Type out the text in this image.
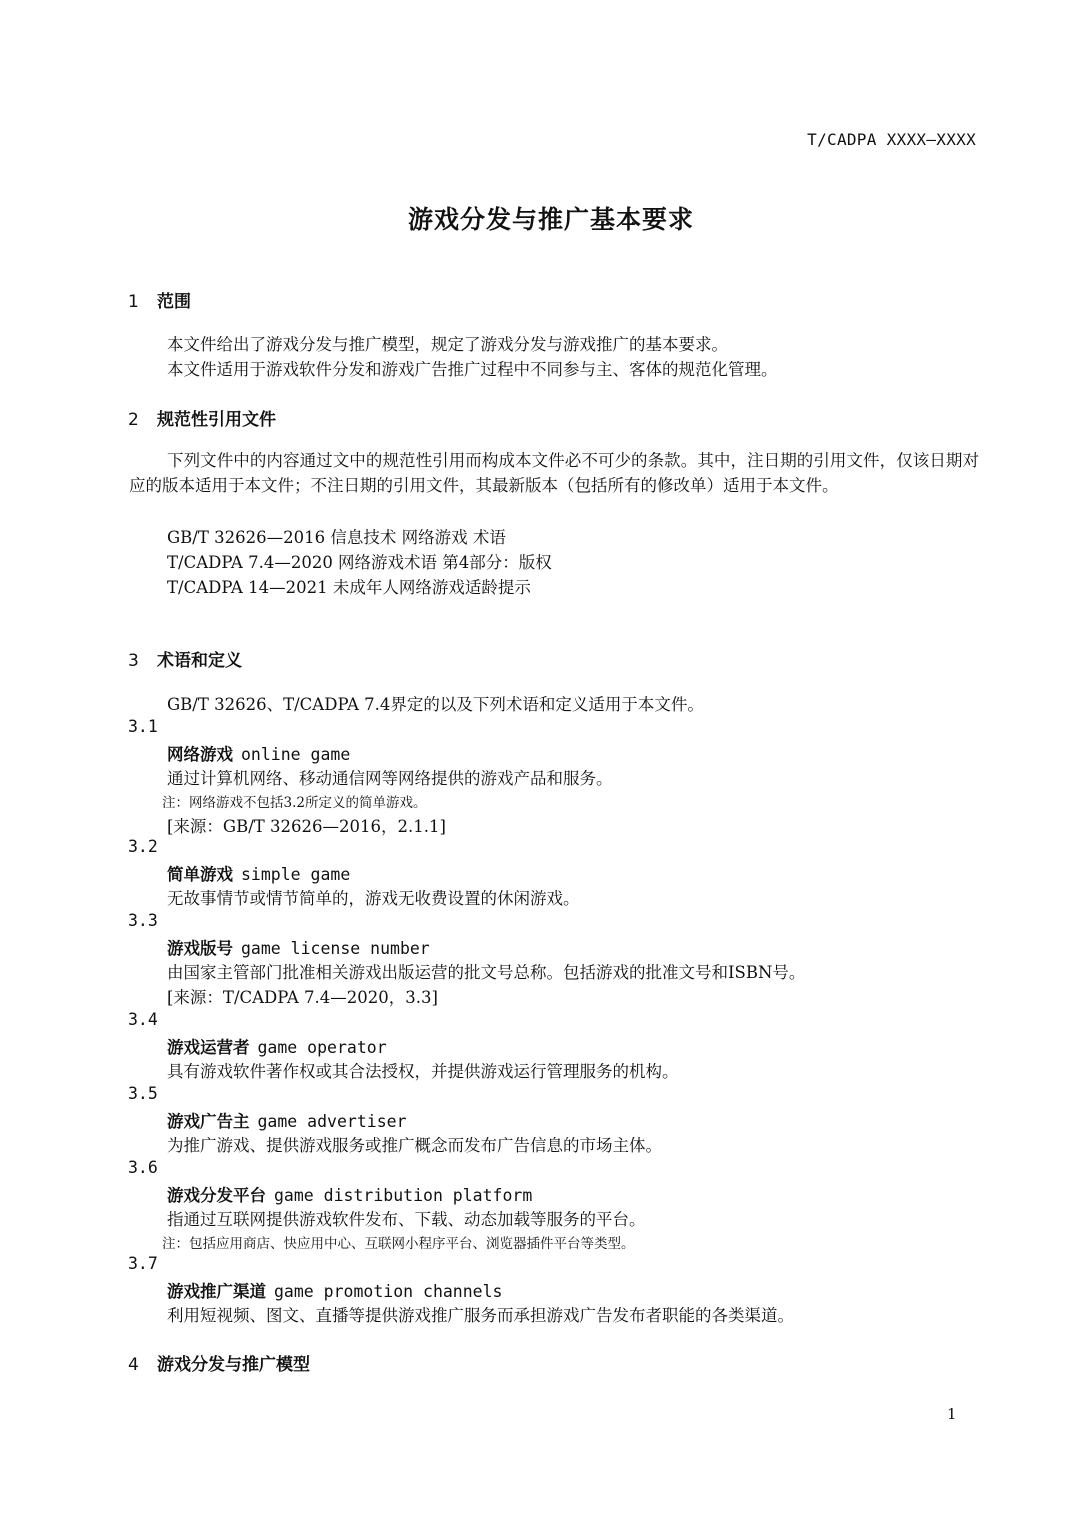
T/CADPA XXXX—XXXX
游戏分发与推广基本要求
1 范围
本文件给出了游戏分发与推广模型，规定了游戏分发与游戏推广的基本要求。
本文件适用于游戏软件分发和游戏广告推广过程中不同参与主、客体的规范化管理。
2 规范性引用文件
下列文件中的内容通过文中的规范性引用而构成本文件必不可少的条款。其中，注日期的引用文件，仅该日期对应的版本适用于本文件；不注日期的引用文件，其最新版本（包括所有的修改单）适用于本文件。
GB/T 32626—2016 信息技术 网络游戏 术语
T/CADPA 7.4—2020 网络游戏术语 第4部分：版权
T/CADPA 14—2021 未成年人网络游戏适龄提示
3 术语和定义
GB/T 32626、T/CADPA 7.4界定的以及下列术语和定义适用于本文件。
3.1
网络游戏 online game
通过计算机网络、移动通信网等网络提供的游戏产品和服务。
注：网络游戏不包括3.2所定义的简单游戏。
[来源：GB/T 32626—2016，2.1.1]
3.2
简单游戏 simple game
无故事情节或情节简单的，游戏无收费设置的休闲游戏。
3.3
游戏版号 game license number
由国家主管部门批准相关游戏出版运营的批文号总称。包括游戏的批准文号和ISBN号。
[来源：T/CADPA 7.4—2020，3.3]
3.4
游戏运营者 game operator
具有游戏软件著作权或其合法授权，并提供游戏运行管理服务的机构。
3.5
游戏广告主 game advertiser
为推广游戏、提供游戏服务或推广概念而发布广告信息的市场主体。
3.6
游戏分发平台 game distribution platform
指通过互联网提供游戏软件发布、下载、动态加载等服务的平台。
注：包括应用商店、快应用中心、互联网小程序平台、浏览器插件平台等类型。
3.7
游戏推广渠道 game promotion channels
利用短视频、图文、直播等提供游戏推广服务而承担游戏广告发布者职能的各类渠道。
4 游戏分发与推广模型
1
